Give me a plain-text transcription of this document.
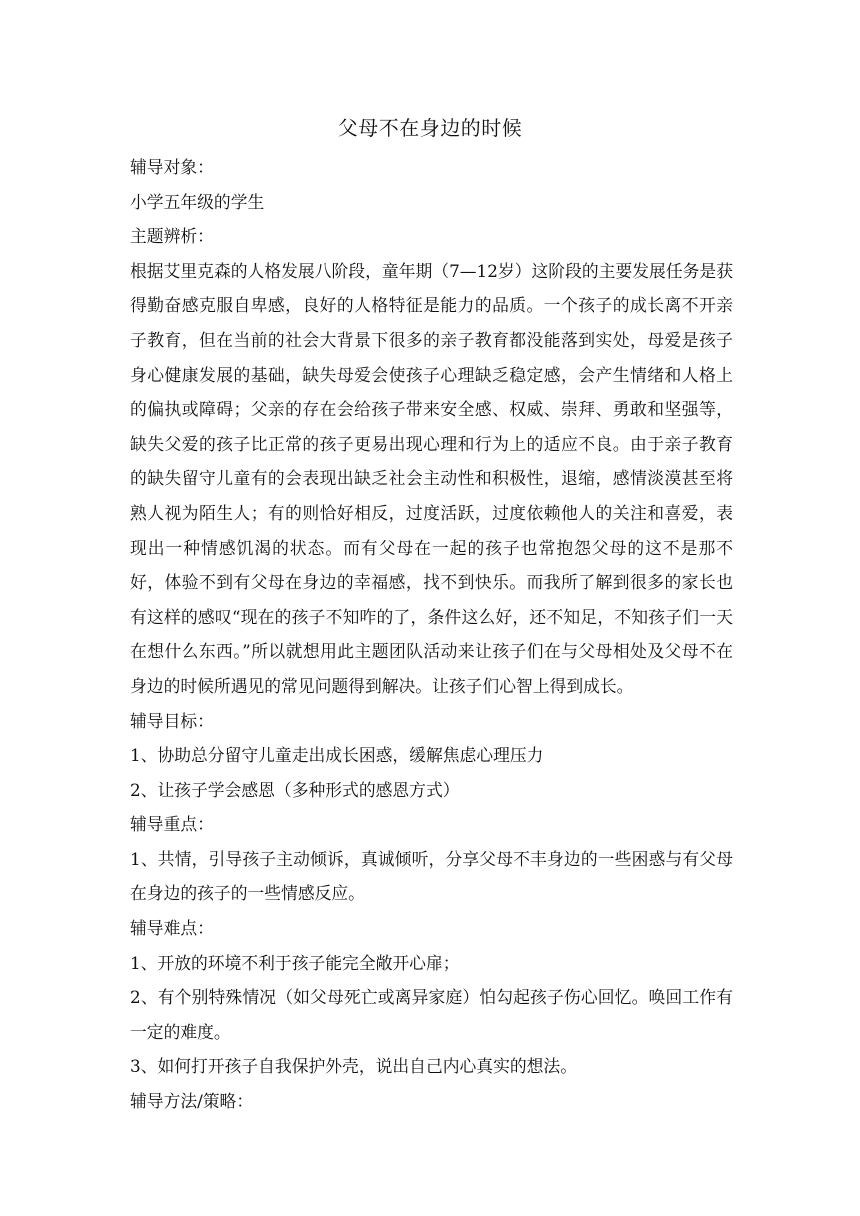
父母不在身边的时候

辅导对象：

小学五年级的学生

主题辨析：

根据艾里克森的人格发展八阶段，童年期（7—12岁）这阶段的主要发展任务是获得勤奋感克服自卑感，良好的人格特征是能力的品质。一个孩子的成长离不开亲子教育，但在当前的社会大背景下很多的亲子教育都没能落到实处，母爱是孩子身心健康发展的基础，缺失母爱会使孩子心理缺乏稳定感，会产生情绪和人格上的偏执或障碍；父亲的存在会给孩子带来安全感、权威、崇拜、勇敢和坚强等，缺失父爱的孩子比正常的孩子更易出现心理和行为上的适应不良。由于亲子教育的缺失留守儿童有的会表现出缺乏社会主动性和积极性，退缩，感情淡漠甚至将熟人视为陌生人；有的则恰好相反，过度活跃，过度依赖他人的关注和喜爱，表现出一种情感饥渴的状态。而有父母在一起的孩子也常抱怨父母的这不是那不好，体验不到有父母在身边的幸福感，找不到快乐。而我所了解到很多的家长也有这样的感叹“现在的孩子不知咋的了，条件这么好，还不知足，不知孩子们一天在想什么东西。”所以就想用此主题团队活动来让孩子们在与父母相处及父母不在身边的时候所遇见的常见问题得到解决。让孩子们心智上得到成长。

辅导目标：

1、协助总分留守儿童走出成长困惑，缓解焦虑心理压力

2、让孩子学会感恩（多种形式的感恩方式）

辅导重点：

1、共情，引导孩子主动倾诉，真诚倾听，分享父母不丰身边的一些困惑与有父母在身边的孩子的一些情感反应。

辅导难点：

1、开放的环境不利于孩子能完全敞开心扉；

2、有个别特殊情况（如父母死亡或离异家庭）怕勾起孩子伤心回忆。唤回工作有一定的难度。

3、如何打开孩子自我保护外壳，说出自己内心真实的想法。

辅导方法/策略：
